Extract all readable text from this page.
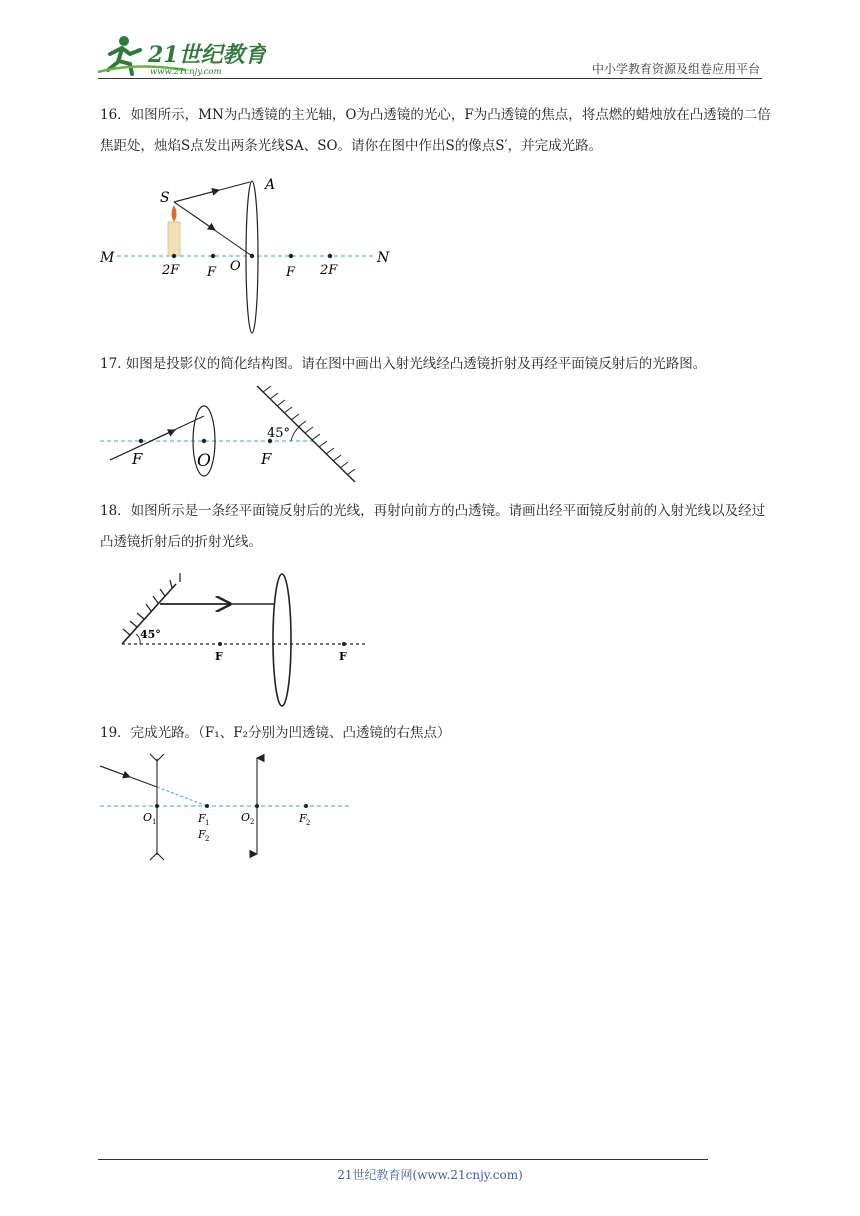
21世纪教育
www.21cnjy.com	中小学教育资源及组卷应用平台
16．如图所示，MN为凸透镜的主光轴，O为凸透镜的光心，F为凸透镜的焦点，将点燃的蜡烛放在凸透镜的二倍焦距处，烛焰S点发出两条光线SA、SO。请你在图中作出S的像点S′，并完成光路。
S
A
M	N
2F F O	F 2F
17. 如图是投影仪的简化结构图。请在图中画出入射光线经凸透镜折射及再经平面镜反射后的光路图。
45°
F	O	F
18．如图所示是一条经平面镜反射后的光线，再射向前方的凸透镜。请画出经平面镜反射前的入射光线以及经过凸透镜折射后的折射光线。
45°
F	F
19．完成光路。（F₁、F₂分别为凹透镜、凸透镜的右焦点）
O 1	F 1
F 2
O 2	F 2
21世纪教育网(www.21cnjy.com)
